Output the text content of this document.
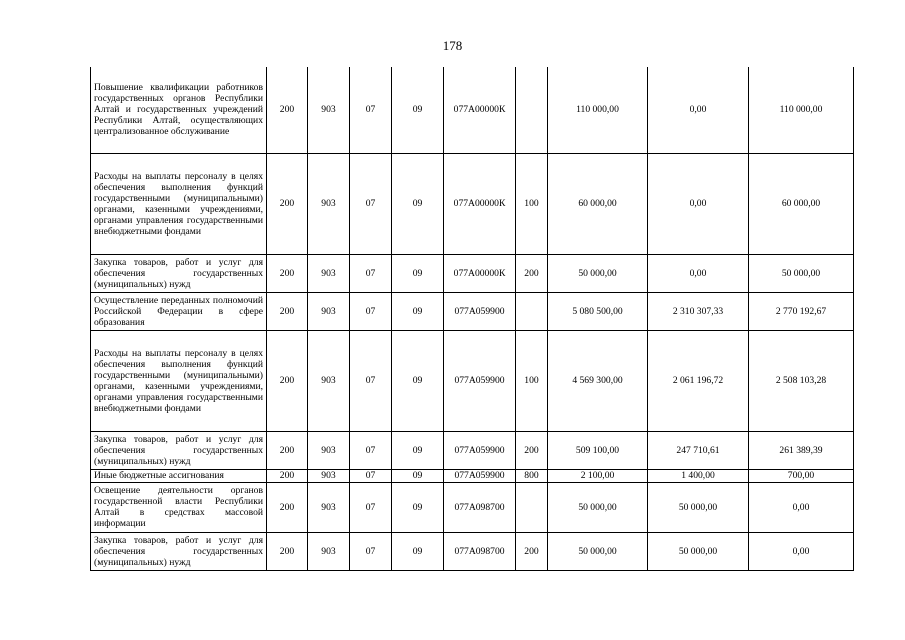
178
Повышение квалификации работников государственных органов Республики Алтай и государственных учреждений Республики Алтай, осуществляющих централизованное обслуживание	200	903	07	09	077А00000К		110 000,00	0,00	110 000,00
Расходы на выплаты персоналу в целях обеспечения выполнения функций государственными (муниципальными) органами, казенными учреждениями, органами управления государственными внебюджетными фондами	200	903	07	09	077А00000К	100	60 000,00	0,00	60 000,00
Закупка товаров, работ и услуг для обеспечения государственных (муниципальных) нужд	200	903	07	09	077А00000К	200	50 000,00	0,00	50 000,00
Осуществление переданных полномочий Российской Федерации в сфере образования	200	903	07	09	077А059900		5 080 500,00	2 310 307,33	2 770 192,67
Расходы на выплаты персоналу в целях обеспечения выполнения функций государственными (муниципальными) органами, казенными учреждениями, органами управления государственными внебюджетными фондами	200	903	07	09	077А059900	100	4 569 300,00	2 061 196,72	2 508 103,28
Закупка товаров, работ и услуг для обеспечения государственных (муниципальных) нужд	200	903	07	09	077А059900	200	509 100,00	247 710,61	261 389,39
Иные бюджетные ассигнования	200	903	07	09	077А059900	800	2 100,00	1 400,00	700,00
Освещение деятельности органов государственной власти Республики Алтай в средствах массовой информации	200	903	07	09	077А098700		50 000,00	50 000,00	0,00
Закупка товаров, работ и услуг для обеспечения государственных (муниципальных) нужд	200	903	07	09	077А098700	200	50 000,00	50 000,00	0,00
